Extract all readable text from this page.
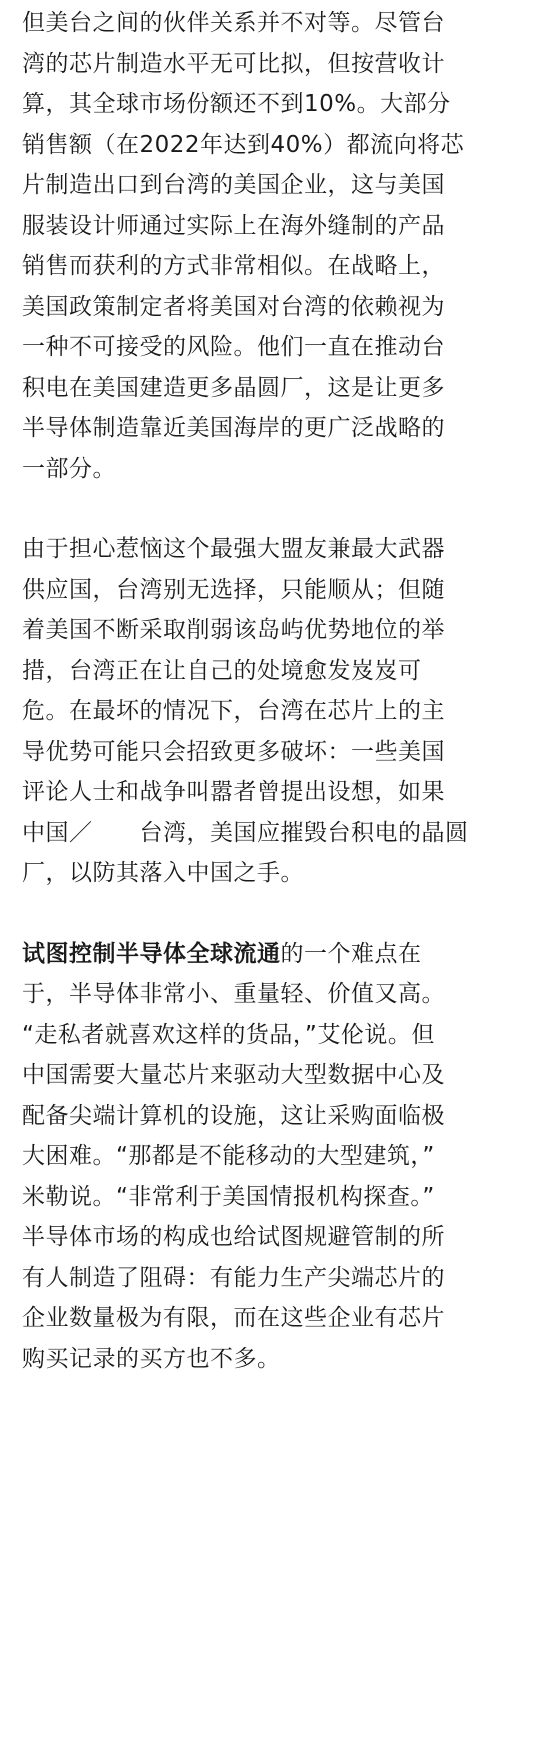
但美台之间的伙伴关系并不对等。尽管台
湾的芯片制造水平无可比拟，但按营收计
算，其全球市场份额还不到10%。大部分
销售额（在2022年达到40%）都流向将芯
片制造出口到台湾的美国企业，这与美国
服装设计师通过实际上在海外缝制的产品
销售而获利的方式非常相似。在战略上，
美国政策制定者将美国对台湾的依赖视为
一种不可接受的风险。他们一直在推动台
积电在美国建造更多晶圆厂，这是让更多
半导体制造靠近美国海岸的更广泛战略的
一部分。
由于担心惹恼这个最强大盟友兼最大武器
供应国，台湾别无选择，只能顺从；但随
着美国不断采取削弱该岛屿优势地位的举
措，台湾正在让自己的处境愈发岌岌可
危。在最坏的情况下，台湾在芯片上的主
导优势可能只会招致更多破坏：一些美国
评论人士和战争叫嚣者曾提出设想，如果
中国／　　台湾，美国应摧毁台积电的晶圆
厂，以防其落入中国之手。
试图控制半导体全球流通的一个难点在
于，半导体非常小、重量轻、价值又高。
“走私者就喜欢这样的货品，”艾伦说。但
中国需要大量芯片来驱动大型数据中心及
配备尖端计算机的设施，这让采购面临极
大困难。“那都是不能移动的大型建筑，”
米勒说。“非常利于美国情报机构探查。”
半导体市场的构成也给试图规避管制的所
有人制造了阻碍：有能力生产尖端芯片的
企业数量极为有限，而在这些企业有芯片
购买记录的买方也不多。
